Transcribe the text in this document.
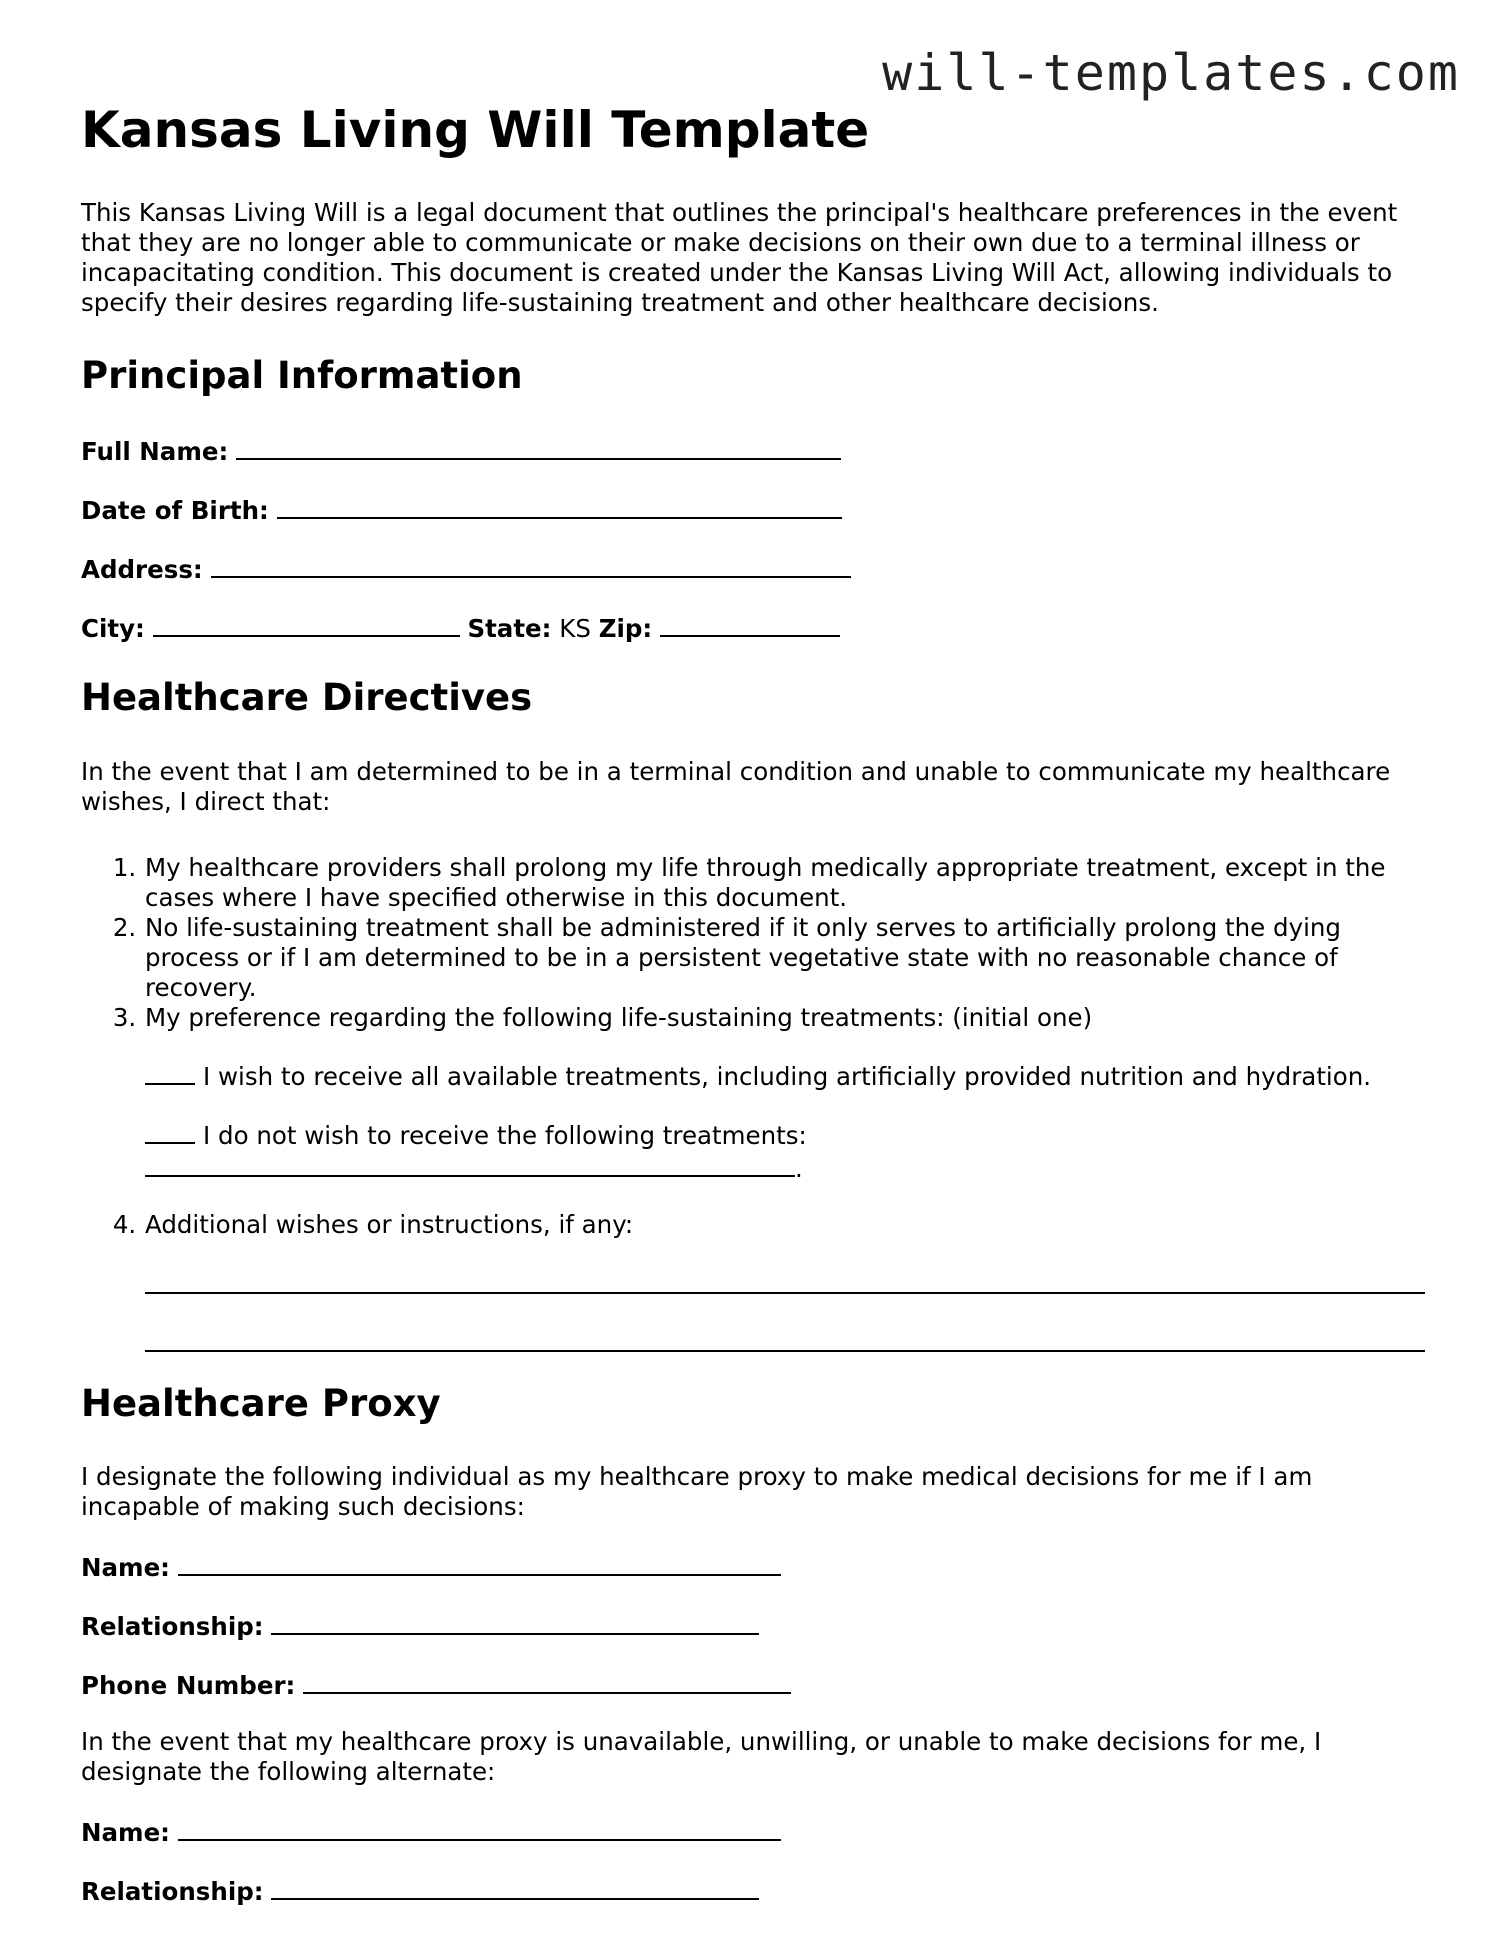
will-templates.com
Kansas Living Will Template

This Kansas Living Will is a legal document that outlines the principal's healthcare preferences in the event that they are no longer able to communicate or make decisions on their own due to a terminal illness or incapacitating condition. This document is created under the Kansas Living Will Act, allowing individuals to specify their desires regarding life-sustaining treatment and other healthcare decisions.

Principal Information
Full Name:
Date of Birth:
Address:
City:	State: KS Zip:
Healthcare Directives

In the event that I am determined to be in a terminal condition and unable to communicate my healthcare wishes, I direct that:

1. My healthcare providers shall prolong my life through medically appropriate treatment, except in the cases where I have specified otherwise in this document.
2. No life-sustaining treatment shall be administered if it only serves to artificially prolong the dying process or if I am determined to be in a persistent vegetative state with no reasonable chance of recovery.
3. My preference regarding the following life-sustaining treatments: (initial one)
I wish to receive all available treatments, including artificially provided nutrition and hydration.
I do not wish to receive the following treatments:
.
4. Additional wishes or instructions, if any:
Healthcare Proxy

I designate the following individual as my healthcare proxy to make medical decisions for me if I am incapable of making such decisions:

Name:
Relationship:
Phone Number:

In the event that my healthcare proxy is unavailable, unwilling, or unable to make decisions for me, I designate the following alternate:

Name:
Relationship:
